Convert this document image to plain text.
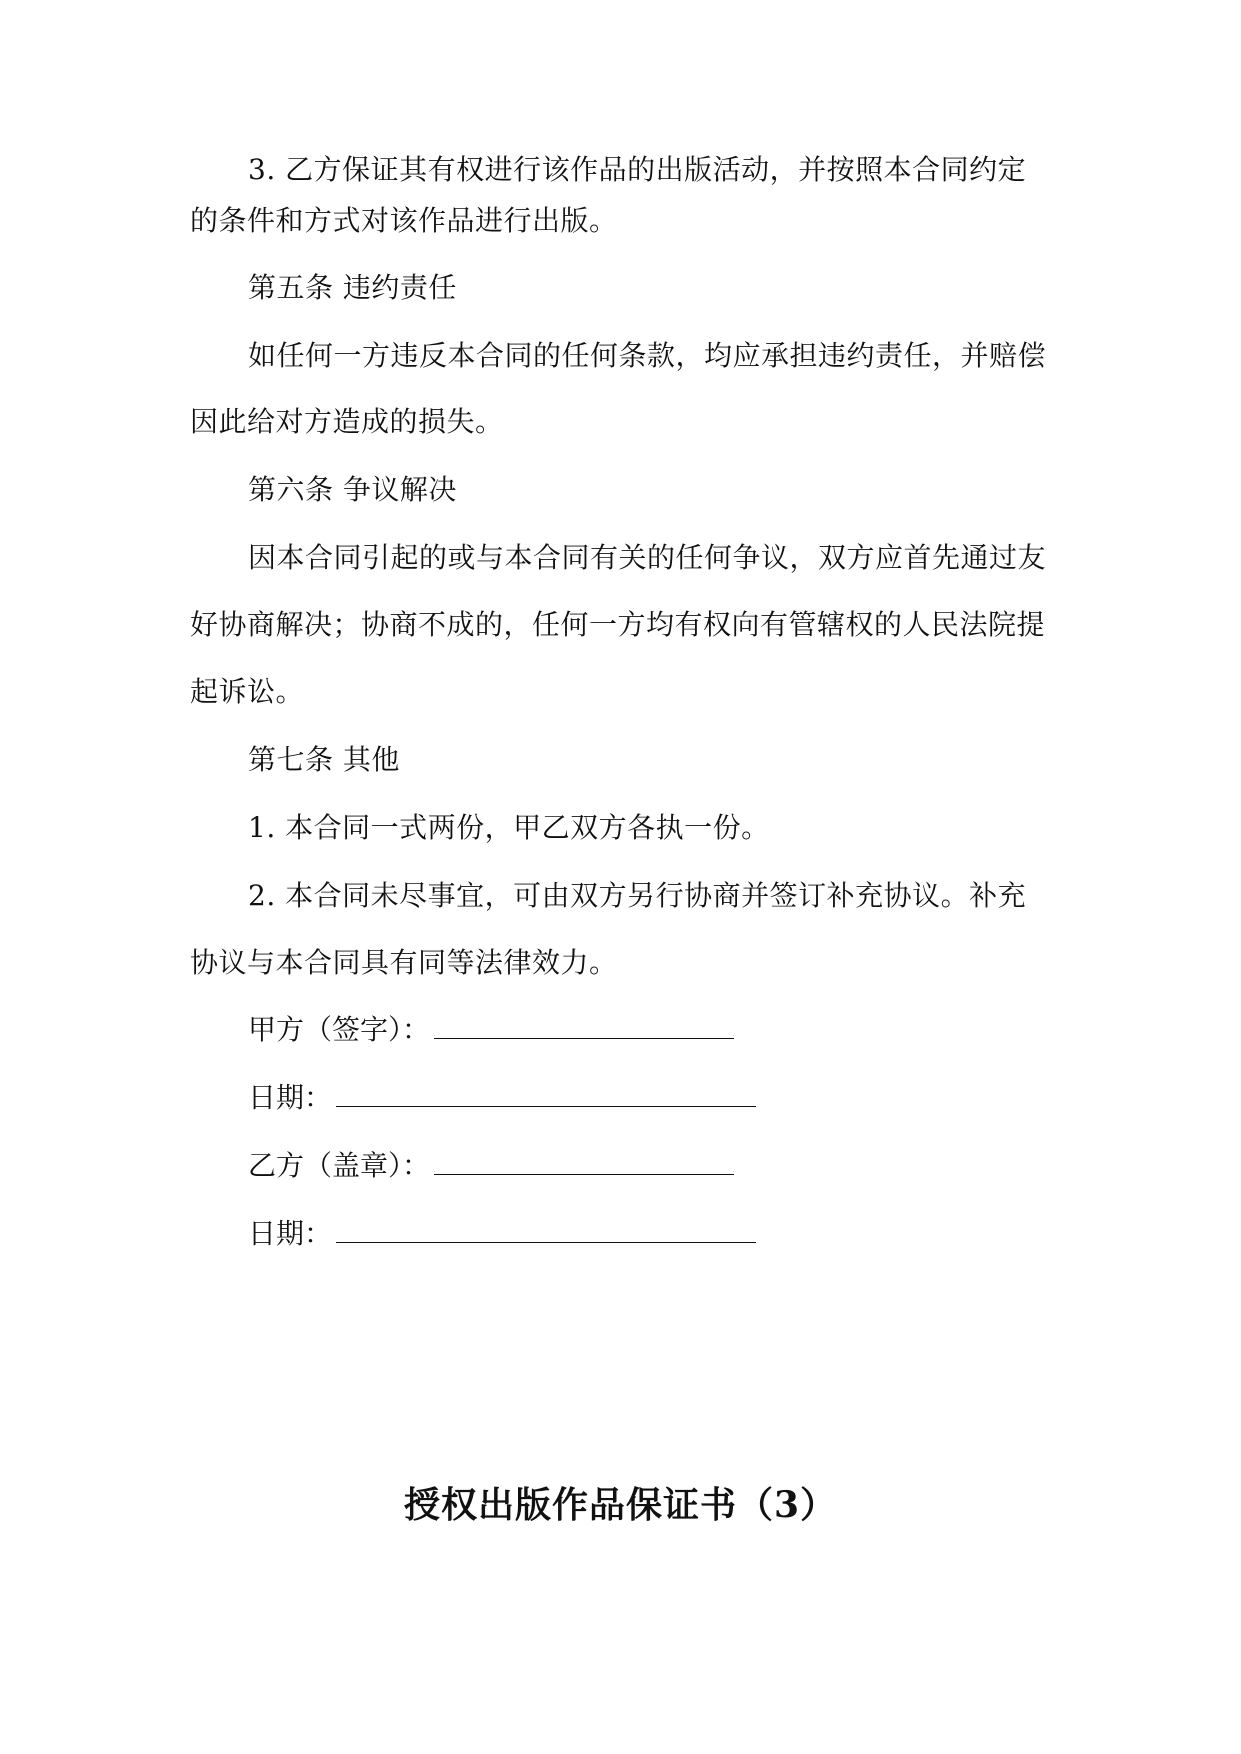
3. 乙方保证其有权进行该作品的出版活动，并按照本合同约定
的条件和方式对该作品进行出版。
第五条 违约责任
如任何一方违反本合同的任何条款，均应承担违约责任，并赔偿
因此给对方造成的损失。
第六条 争议解决
因本合同引起的或与本合同有关的任何争议，双方应首先通过友
好协商解决；协商不成的，任何一方均有权向有管辖权的人民法院提
起诉讼。
第七条 其他
1. 本合同一式两份，甲乙双方各执一份。
2. 本合同未尽事宜，可由双方另行协商并签订补充协议。补充
协议与本合同具有同等法律效力。
甲方（签字）：
日期：
乙方（盖章）：
日期：
授权出版作品保证书（3）
